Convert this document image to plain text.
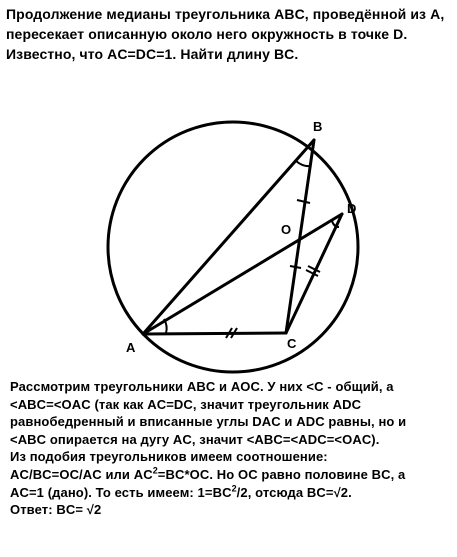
Продолжение медианы треугольника ABC, проведённой из A,
пересекает описанную около него окружность в точке D.
Известно, что AC=DC=1. Найти длину BC.
B
D
O
A	C
Рассмотрим треугольники ABC и AOC. У них <C - общий, а
<ABC=<OAC (так как AC=DC, значит треугольник ADC
равнобедренный и вписанные углы DAC и ADC равны, но и
<ABC опирается на дугу AC, значит <ABC=<ADC=<OAC).
Из подобия треугольников имеем соотношение:
AC/BC=OC/AC или $AC^2=BC*OC$. Но OC равно половине BC, а
AC=1 (дано). То есть имеем: $1=BC^2/2$, отсюда BC=√2.
Ответ: BC= √2
